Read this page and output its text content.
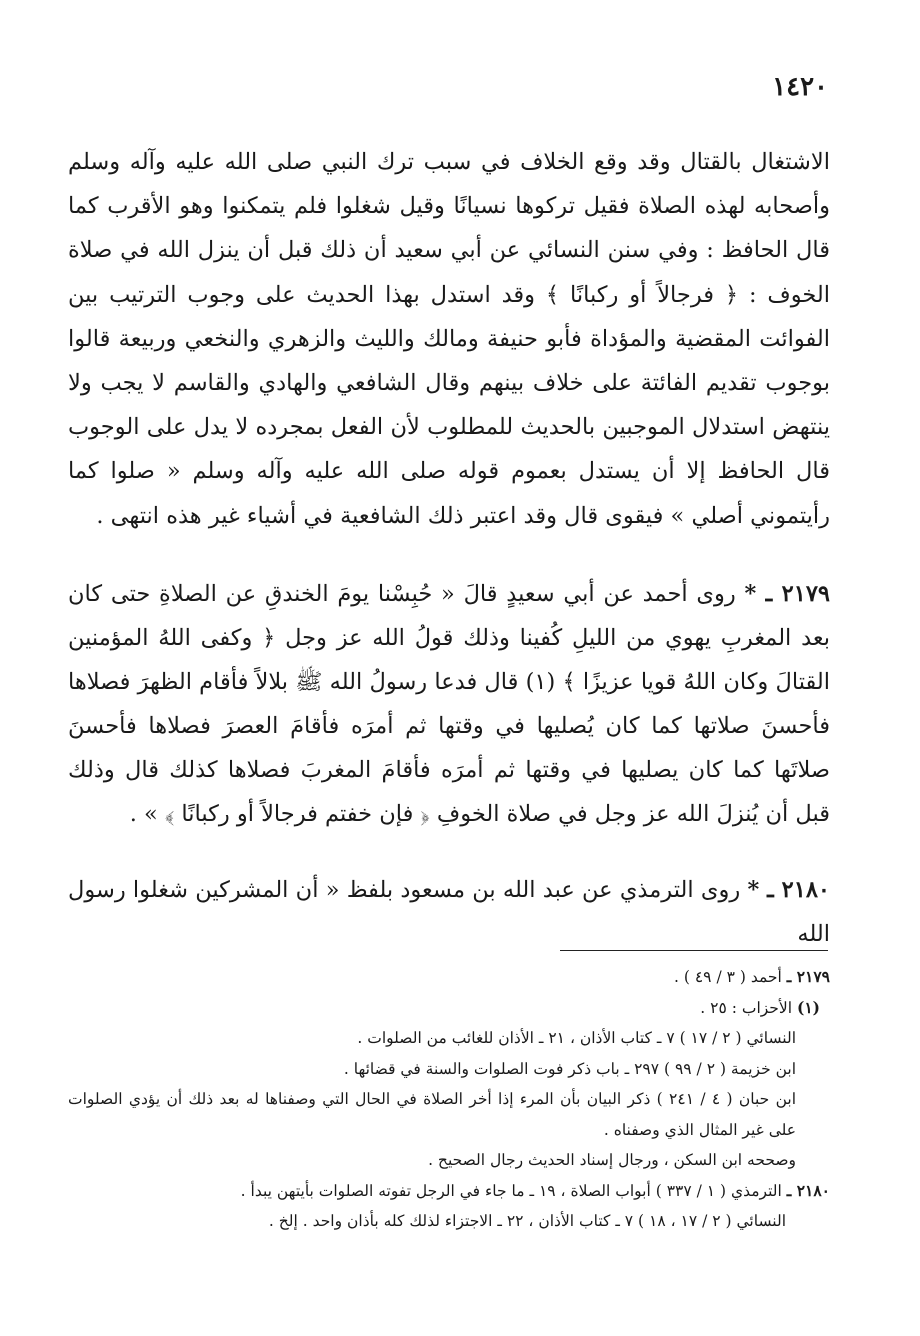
١٤٢٠

الاشتغال بالقتال وقد وقع الخلاف في سبب ترك النبي صلى الله عليه وآله وسلم وأصحابه لهذه الصلاة فقيل تركوها نسيانًا وقيل شغلوا فلم يتمكنوا وهو الأقرب كما قال الحافظ : وفي سنن النسائي عن أبي سعيد أن ذلك قبل أن ينزل الله في صلاة الخوف : ﴿ فرجالاً أو ركبانًا ﴾ وقد استدل بهذا الحديث على وجوب الترتيب بين الفوائت المقضية والمؤداة فأبو حنيفة ومالك والليث والزهري والنخعي وربيعة قالوا بوجوب تقديم الفائتة على خلاف بينهم وقال الشافعي والهادي والقاسم لا يجب ولا ينتهض استدلال الموجبين بالحديث للمطلوب لأن الفعل بمجرده لا يدل على الوجوب قال الحافظ إلا أن يستدل بعموم قوله صلى الله عليه وآله وسلم « صلوا كما رأيتموني أصلي » فيقوى قال وقد اعتبر ذلك الشافعية في أشياء غير هذه انتهى .

٢١٧٩ ـ * روى أحمد عن أبي سعيدٍ قالَ « حُبِسْنا يومَ الخندقِ عن الصلاةِ حتى كان بعد المغربِ يهوي من الليلِ كُفينا وذلك قولُ الله عز وجل ﴿ وكفى اللهُ المؤمنين القتالَ وكان اللهُ قويا عزيزًا ﴾ (١) قال فدعا رسولُ الله ﷺ بلالاً فأقام الظهرَ فصلاها فأحسنَ صلاتها كما كان يُصليها في وقتها ثم أمرَه فأقامَ العصرَ فصلاها فأحسنَ صلاتَها كما كان يصليها في وقتها ثم أمرَه فأقامَ المغربَ فصلاها كذلك قال وذلك قبل أن يُنزلَ الله عز وجل في صلاة الخوفِ ﴿ فإن خفتم فرجالاً أو ركبانًا ﴾ » .

٢١٨٠ ـ * روى الترمذي عن عبد الله بن مسعود بلفظ « أن المشركين شغلوا رسول الله

٢١٧٩ ـ أحمد ( ٣ / ٤٩ ) .

(١) الأحزاب : ٢٥ .

النسائي ( ٢ / ١٧ ) ٧ ـ كتاب الأذان ، ٢١ ـ الأذان للغائب من الصلوات .

ابن خزيمة ( ٢ / ٩٩ ) ٢٩٧ ـ باب ذكر فوت الصلوات والسنة في قضائها .

ابن حبان ( ٤ / ٢٤١ ) ذكر البيان بأن المرء إذا أخر الصلاة في الحال التي وصفناها له بعد ذلك أن يؤدي الصلوات على غير المثال الذي وصفناه .

وصححه ابن السكن ، ورجال إسناد الحديث رجال الصحيح .

٢١٨٠ ـ الترمذي ( ١ / ٣٣٧ ) أبواب الصلاة ، ١٩ ـ ما جاء في الرجل تفوته الصلوات بأيتهن يبدأ .

النسائي ( ٢ / ١٧ ، ١٨ ) ٧ ـ كتاب الأذان ، ٢٢ ـ الاجتزاء لذلك كله بأذان واحد . إلخ .
